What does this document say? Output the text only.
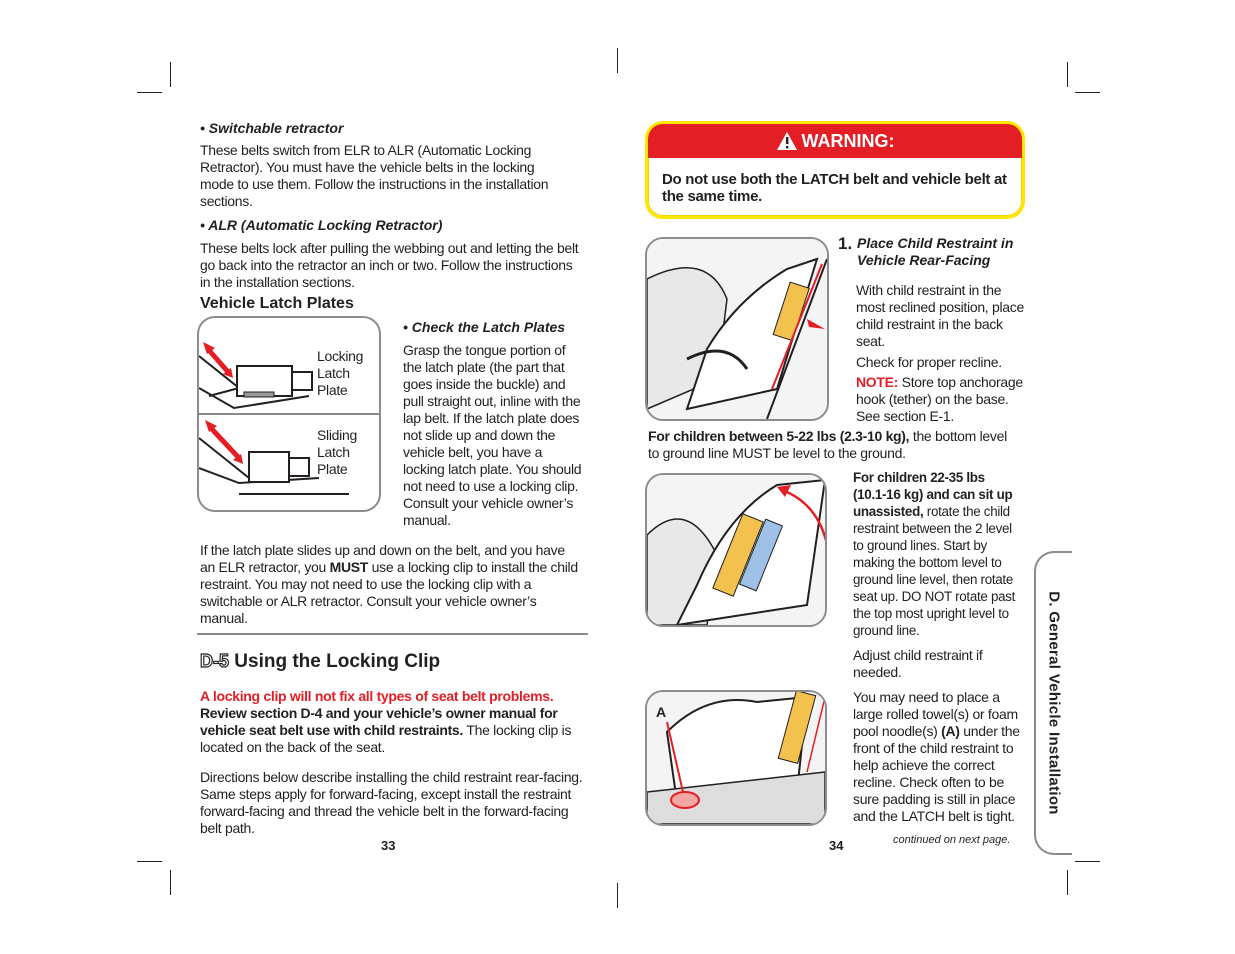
• Switchable retractor

These belts switch from ELR to ALR (Automatic Locking Retractor). You must have the vehicle belts in the locking mode to use them. Follow the instructions in the installation sections.

• ALR (Automatic Locking Retractor)

These belts lock after pulling the webbing out and letting the belt go back into the retractor an inch or two. Follow the instructions in the installation sections.

Vehicle Latch Plates
Locking
Latch
Plate
Sliding
Latch
Plate
• Check the Latch Plates

Grasp the tongue portion of the latch plate (the part that goes inside the buckle) and pull straight out, inline with the lap belt. If the latch plate does not slide up and down the vehicle belt, you have a locking latch plate. You should not need to use a locking clip. Consult your vehicle owner’s manual.

If the latch plate slides up and down on the belt, and you have an ELR retractor, you MUST use a locking clip to install the child restraint. You may not need to use the locking clip with a switchable or ALR retractor. Consult your vehicle owner’s manual.

D-5 Using the Locking Clip

A locking clip will not fix all types of seat belt problems. Review section D-4 and your vehicle’s owner manual for vehicle seat belt use with child restraints. The locking clip is located on the back of the seat.

Directions below describe installing the child restraint rear-facing. Same steps apply for forward-facing, except install the restraint forward-facing and thread the vehicle belt in the forward-facing belt path.

33
WARNING:

Do not use both the LATCH belt and vehicle belt at the same time.

1. Place Child Restraint in Vehicle Rear-Facing

With child restraint in the most reclined position, place child restraint in the back seat.

Check for proper recline.

NOTE: Store top anchorage hook (tether) on the base. See section E-1.

For children between 5-22 lbs (2.3-10 kg), the bottom level to ground line MUST be level to the ground.

For children 22-35 lbs (10.1-16 kg) and can sit up unassisted, rotate the child restraint between the 2 level to ground lines. Start by making the bottom level to ground line level, then rotate seat up. DO NOT rotate past the top most upright level to ground line.

Adjust child restraint if needed.

A

You may need to place a large rolled towel(s) or foam pool noodle(s) (A) under the front of the child restraint to help achieve the correct recline. Check often to be sure padding is still in place and the LATCH belt is tight.

34	continued on next page.
D. General Vehicle Installation
